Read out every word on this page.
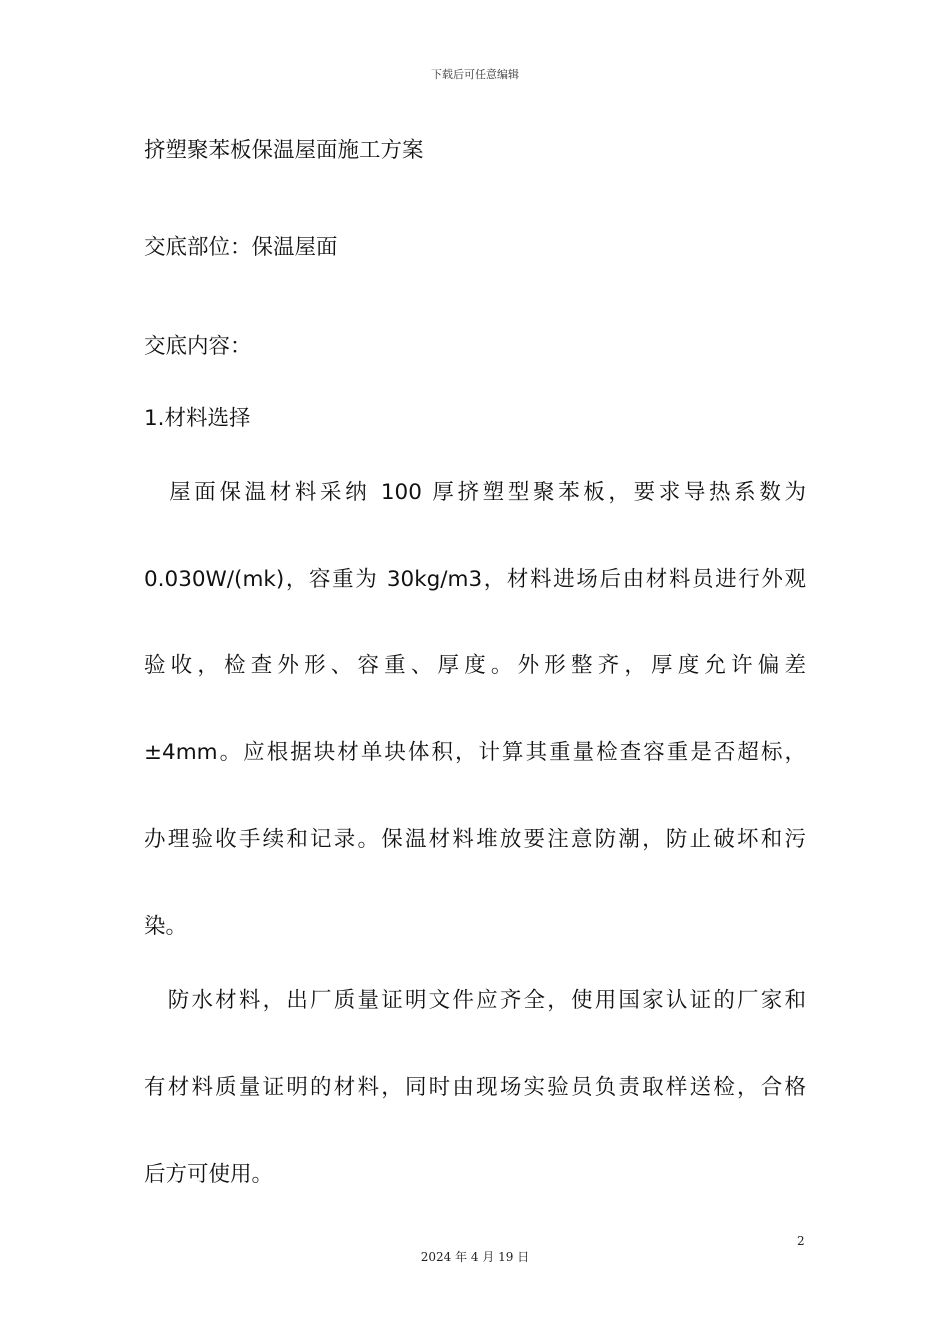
下载后可任意编辑
挤塑聚苯板保温屋面施工方案
交底部位：保温屋面
交底内容：
1.材料选择
　屋面保温材料采纳 100 厚挤塑型聚苯板，要求导热系数为
0.030W/(mk)，容重为 30kg/m3，材料进场后由材料员进行外观
验收，检查外形、容重、厚度。外形整齐，厚度允许偏差
±4mm。应根据块材单块体积，计算其重量检查容重是否超标，
办理验收手续和记录。保温材料堆放要注意防潮，防止破坏和污
染。
　防水材料，出厂质量证明文件应齐全，使用国家认证的厂家和
有材料质量证明的材料，同时由现场实验员负责取样送检，合格
后方可使用。
2
2024 年 4 月 19 日
